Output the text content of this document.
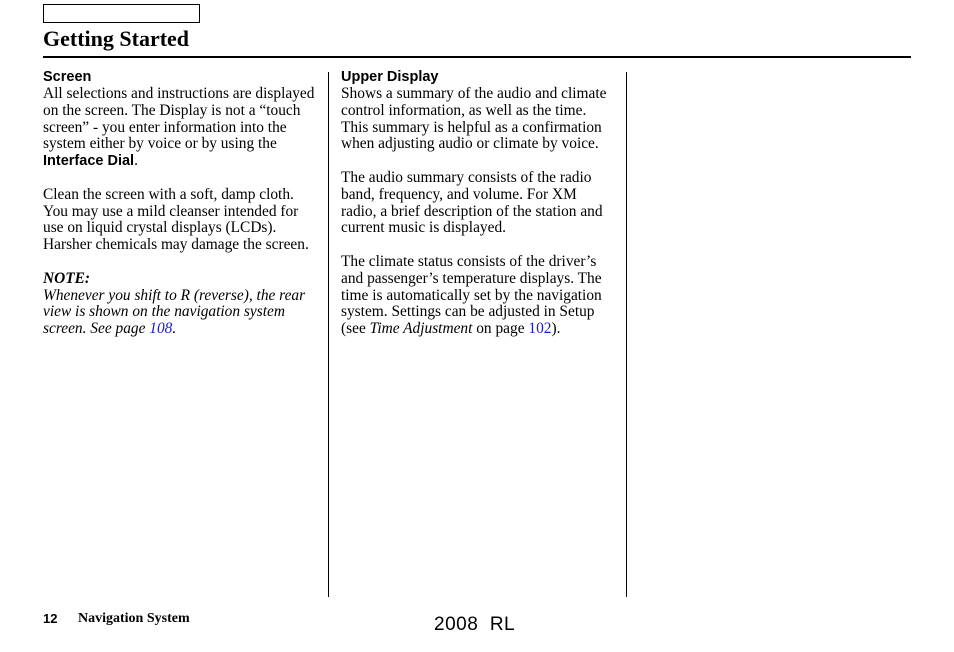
Getting Started
Screen

All selections and instructions are displayed on the screen. The Display is not a “touch screen” - you enter information into the system either by voice or by using the Interface Dial.

Clean the screen with a soft, damp cloth. You may use a mild cleanser intended for use on liquid crystal displays (LCDs). Harsher chemicals may damage the screen.

NOTE:
Whenever you shift to R (reverse), the rear view is shown on the navigation system screen. See page 108.
Upper Display

Shows a summary of the audio and climate control information, as well as the time. This summary is helpful as a confirmation when adjusting audio or climate by voice.

The audio summary consists of the radio band, frequency, and volume. For XM radio, a brief description of the station and current music is displayed.

The climate status consists of the driver’s and passenger’s temperature displays. The time is automatically set by the navigation system. Settings can be adjusted in Setup (see Time Adjustment on page 102).

12 Navigation System	2008  RL
